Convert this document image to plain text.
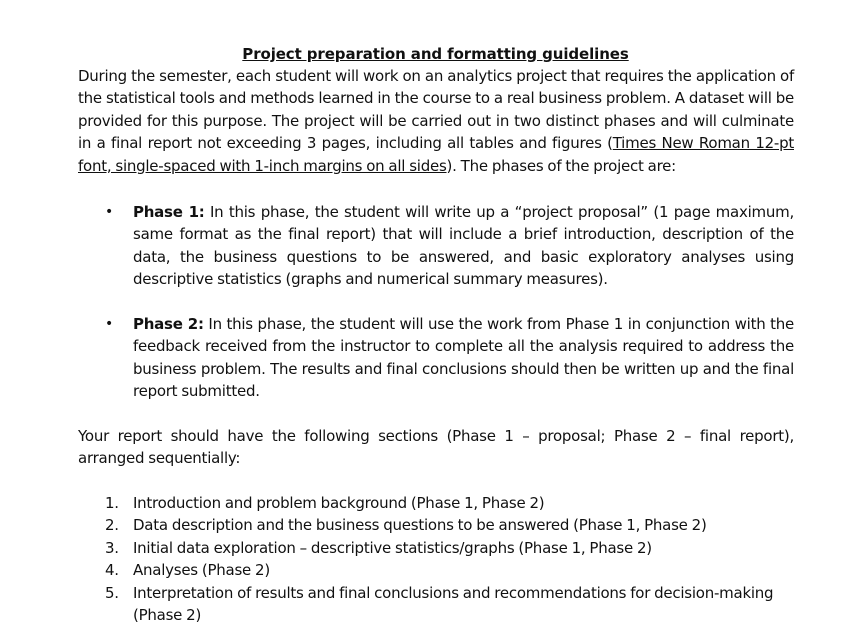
Project preparation and formatting guidelines

During the semester, each student will work on an analytics project that requires the application of the statistical tools and methods learned in the course to a real business problem. A dataset will be provided for this purpose. The project will be carried out in two distinct phases and will culminate in a final report not exceeding 3 pages, including all tables and figures (Times New Roman 12-pt font, single-spaced with 1-inch margins on all sides). The phases of the project are:

• Phase 1: In this phase, the student will write up a “project proposal” (1 page maximum, same format as the final report) that will include a brief introduction, description of the data, the business questions to be answered, and basic exploratory analyses using descriptive statistics (graphs and numerical summary measures).
• Phase 2: In this phase, the student will use the work from Phase 1 in conjunction with the feedback received from the instructor to complete all the analysis required to address the business problem. The results and final conclusions should then be written up and the final report submitted.

Your report should have the following sections (Phase 1 – proposal; Phase 2 – final report), arranged sequentially:

1. Introduction and problem background (Phase 1, Phase 2)
2. Data description and the business questions to be answered (Phase 1, Phase 2)
3. Initial data exploration – descriptive statistics/graphs (Phase 1, Phase 2)
4. Analyses (Phase 2)
5. Interpretation of results and final conclusions and recommendations for decision-making (Phase 2)
